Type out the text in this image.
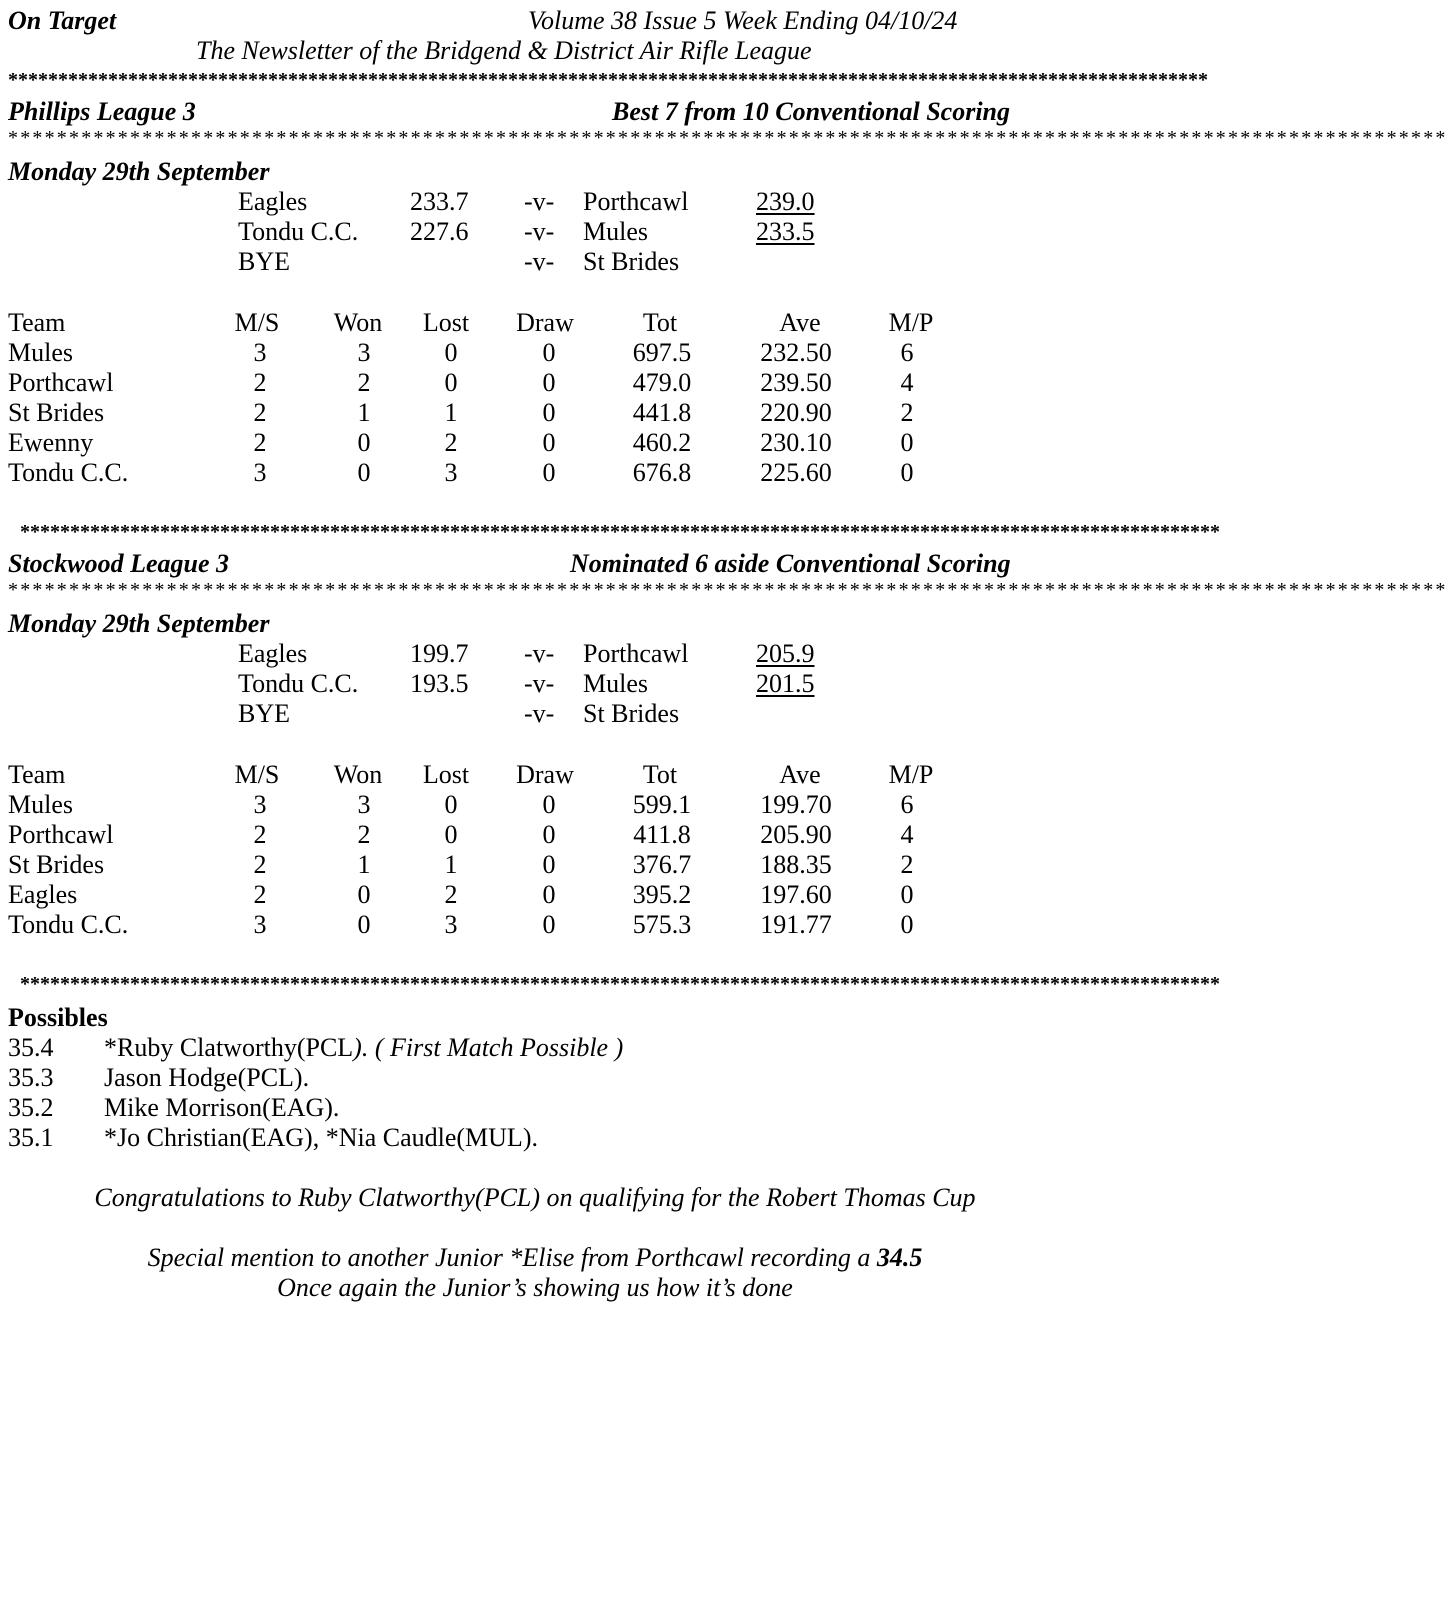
On Target	Volume 38 Issue 5 Week Ending 04/10/24
The Newsletter of the Bridgend & District Air Rifle League
************************************************************************************************************************
Phillips League 3	Best 7 from 10 Conventional Scoring
**********************************************************************************************************************
Monday 29th September
Eagles	233.7 -v- Porthcawl	239.0
Tondu C.C. 227.6 -v- Mules	233.5
BYE	-v- St Brides
Team	M/S Won Lost Draw	Tot	Ave	M/P
Mules	3	3	0	0	697.5	232.50	6
Porthcawl	2	2	0	0	479.0	239.50	4
St Brides	2	1	1	0	441.8	220.90	2
Ewenny	2	0	2	0	460.2	230.10	0
Tondu C.C.	3	0	3	0	676.8	225.60	0
************************************************************************************************************************
Stockwood League 3	Nominated 6 aside Conventional Scoring
**********************************************************************************************************************
Monday 29th September
Eagles	199.7 -v- Porthcawl	205.9
Tondu C.C. 193.5 -v- Mules	201.5
BYE	-v- St Brides
Team	M/S Won Lost Draw	Tot	Ave	M/P
Mules	3	3	0	0	599.1	199.70	6
Porthcawl	2	2	0	0	411.8	205.90	4
St Brides	2	1	1	0	376.7	188.35	2
Eagles	2	0	2	0	395.2	197.60	0
Tondu C.C.	3	0	3	0	575.3	191.77	0
************************************************************************************************************************
Possibles
35.4 *Ruby Clatworthy(PCL). ( First Match Possible )
35.3 Jason Hodge(PCL).
35.2 Mike Morrison(EAG).
35.1 *Jo Christian(EAG), *Nia Caudle(MUL).
Congratulations to Ruby Clatworthy(PCL) on qualifying for the Robert Thomas Cup
Special mention to another Junior *Elise from Porthcawl recording a 34.5
Once again the Junior’s showing us how it’s done
